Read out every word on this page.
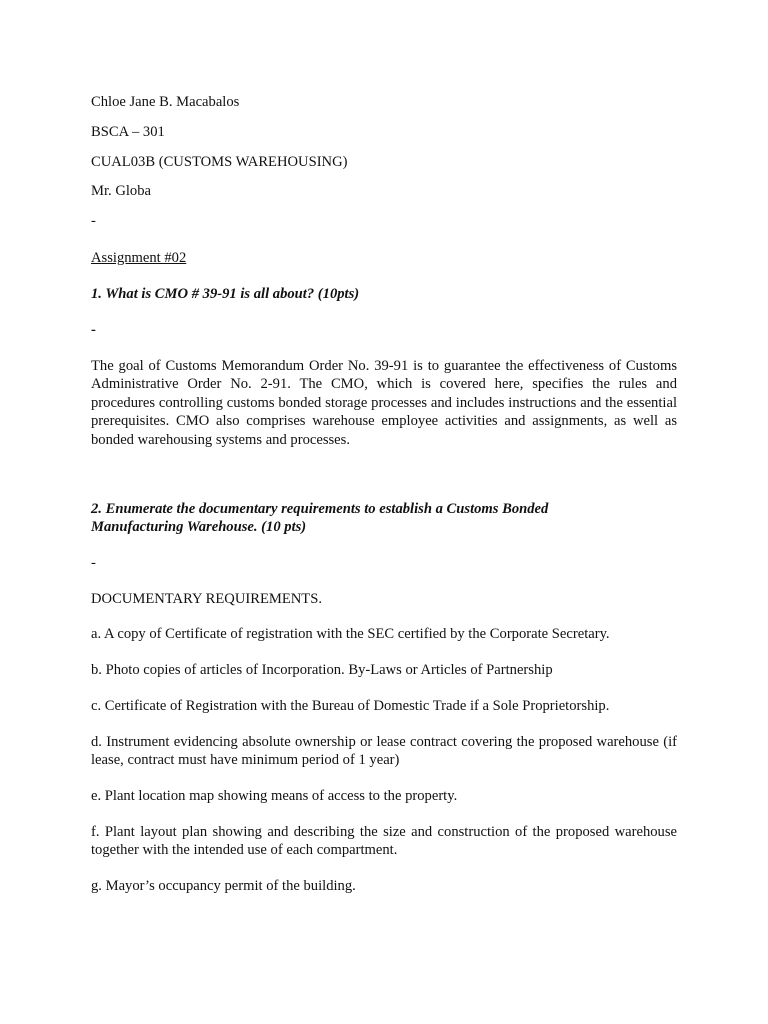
Chloe Jane B. Macabalos

BSCA – 301

CUAL03B (CUSTOMS WAREHOUSING)

Mr. Globa

-

Assignment #02

1. What is CMO # 39-91 is all about? (10pts)

-

The goal of Customs Memorandum Order No. 39-91 is to guarantee the effectiveness of Customs Administrative Order No. 2-91. The CMO, which is covered here, specifies the rules and procedures controlling customs bonded storage processes and includes instructions and the essential prerequisites. CMO also comprises warehouse employee activities and assignments, as well as bonded warehousing systems and processes.

2. Enumerate the documentary requirements to establish a Customs Bonded

Manufacturing Warehouse. (10 pts)

-

DOCUMENTARY REQUIREMENTS.

a. A copy of Certificate of registration with the SEC certified by the Corporate Secretary.

b. Photo copies of articles of Incorporation. By-Laws or Articles of Partnership

c. Certificate of Registration with the Bureau of Domestic Trade if a Sole Proprietorship.

d. Instrument evidencing absolute ownership or lease contract covering the proposed warehouse (if lease, contract must have minimum period of 1 year)

e. Plant location map showing means of access to the property.

f. Plant layout plan showing and describing the size and construction of the proposed warehouse together with the intended use of each compartment.

g. Mayor’s occupancy permit of the building.
